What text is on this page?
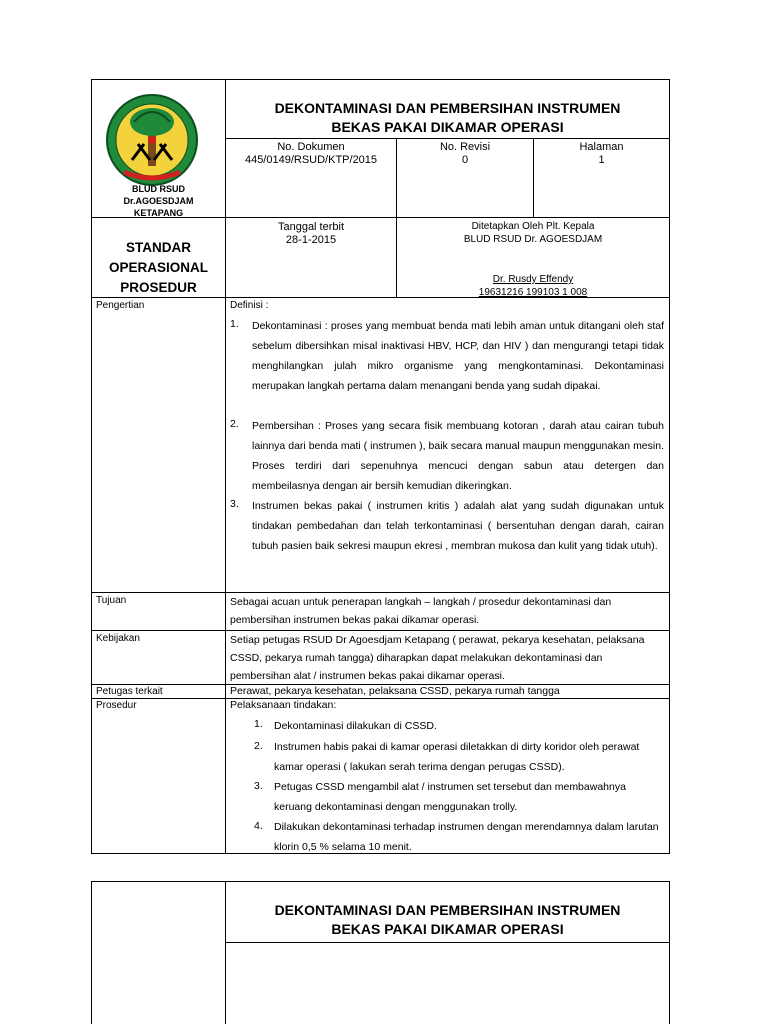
BLUD RSUD
Dr.AGOESDJAM
KETAPANG
DEKONTAMINASI DAN PEMBERSIHAN INSTRUMEN
BEKAS PAKAI DIKAMAR OPERASI
No. Dokumen
445/0149/RSUD/KTP/2015
No. Revisi
0
Halaman
1
STANDAR
OPERASIONAL
PROSEDUR
Tanggal terbit
28-1-2015
Ditetapkan Oleh Plt. Kepala
BLUD RSUD Dr. AGOESDJAM
Dr. Rusdy Effendy
19631216 199103 1 008
Pengertian	Definisi :
1. Dekontaminasi : proses yang membuat benda mati lebih aman untuk ditangani oleh staf sebelum dibersihkan misal inaktivasi HBV, HCP, dan HIV ) dan mengurangi tetapi tidak menghilangkan julah mikro organisme yang mengkontaminasi. Dekontaminasi merupakan langkah pertama dalam menangani benda yang sudah dipakai.
2. Pembersihan : Proses yang secara fisik membuang kotoran , darah atau cairan tubuh lainnya dari benda mati ( instrumen ), baik secara manual maupun menggunakan mesin. Proses terdiri dari sepenuhnya mencuci dengan sabun atau detergen dan membeilasnya dengan air bersih kemudian dikeringkan.
3. Instrumen bekas pakai ( instrumen kritis ) adalah alat yang sudah digunakan untuk tindakan pembedahan dan telah terkontaminasi ( bersentuhan dengan darah, cairan tubuh pasien baik sekresi maupun ekresi , membran mukosa dan kulit yang tidak utuh).
Tujuan	Sebagai acuan untuk penerapan langkah – langkah / prosedur dekontaminasi dan pembersihan instrumen bekas pakai dikamar operasi.
Kebijakan	Setiap petugas RSUD Dr Agoesdjam Ketapang ( perawat, pekarya kesehatan, pelaksana CSSD, pekarya rumah tangga) diharapkan dapat melakukan dekontaminasi dan pembersihan alat / instrumen bekas pakai dikamar operasi.
Petugas terkait	Perawat, pekarya kesehatan, pelaksana CSSD, pekarya rumah tangga
Prosedur	Pelaksanaan tindakan:
1. Dekontaminasi dilakukan di CSSD.
2. Instrumen habis pakai di kamar operasi diletakkan di dirty koridor oleh perawat kamar operasi ( lakukan serah terima dengan perugas CSSD).
3. Petugas CSSD mengambil alat / instrumen set tersebut dan membawahnya keruang dekontaminasi dengan menggunakan trolly.
4. Dilakukan dekontaminasi terhadap instrumen dengan merendamnya dalam larutan klorin 0,5 % selama 10 menit.
DEKONTAMINASI DAN PEMBERSIHAN INSTRUMEN
BEKAS PAKAI DIKAMAR OPERASI
